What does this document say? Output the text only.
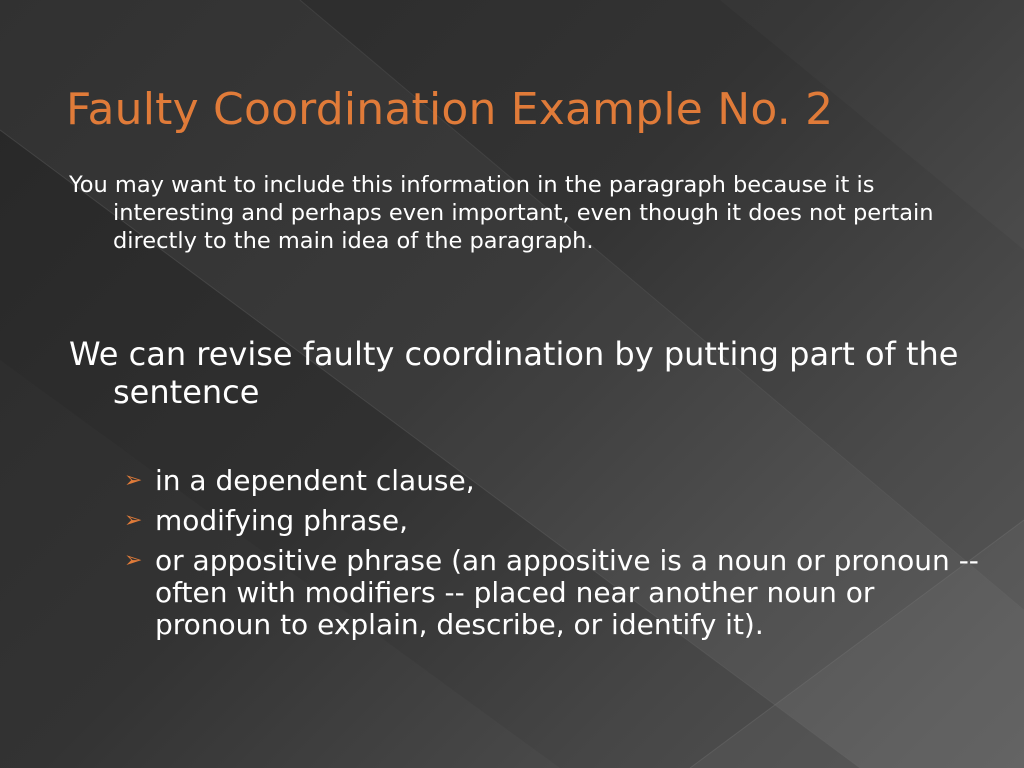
Faulty Coordination Example No. 2

You may want to include this information in the paragraph because it is interesting and perhaps even important, even though it does not pertain directly to the main idea of the paragraph.

We can revise faulty coordination by putting part of the sentence

➢ in a dependent clause,
➢ modifying phrase,
➢ or appositive phrase (an appositive is a noun or pronoun -- often with modifiers -- placed near another noun or pronoun to explain, describe, or identify it).
